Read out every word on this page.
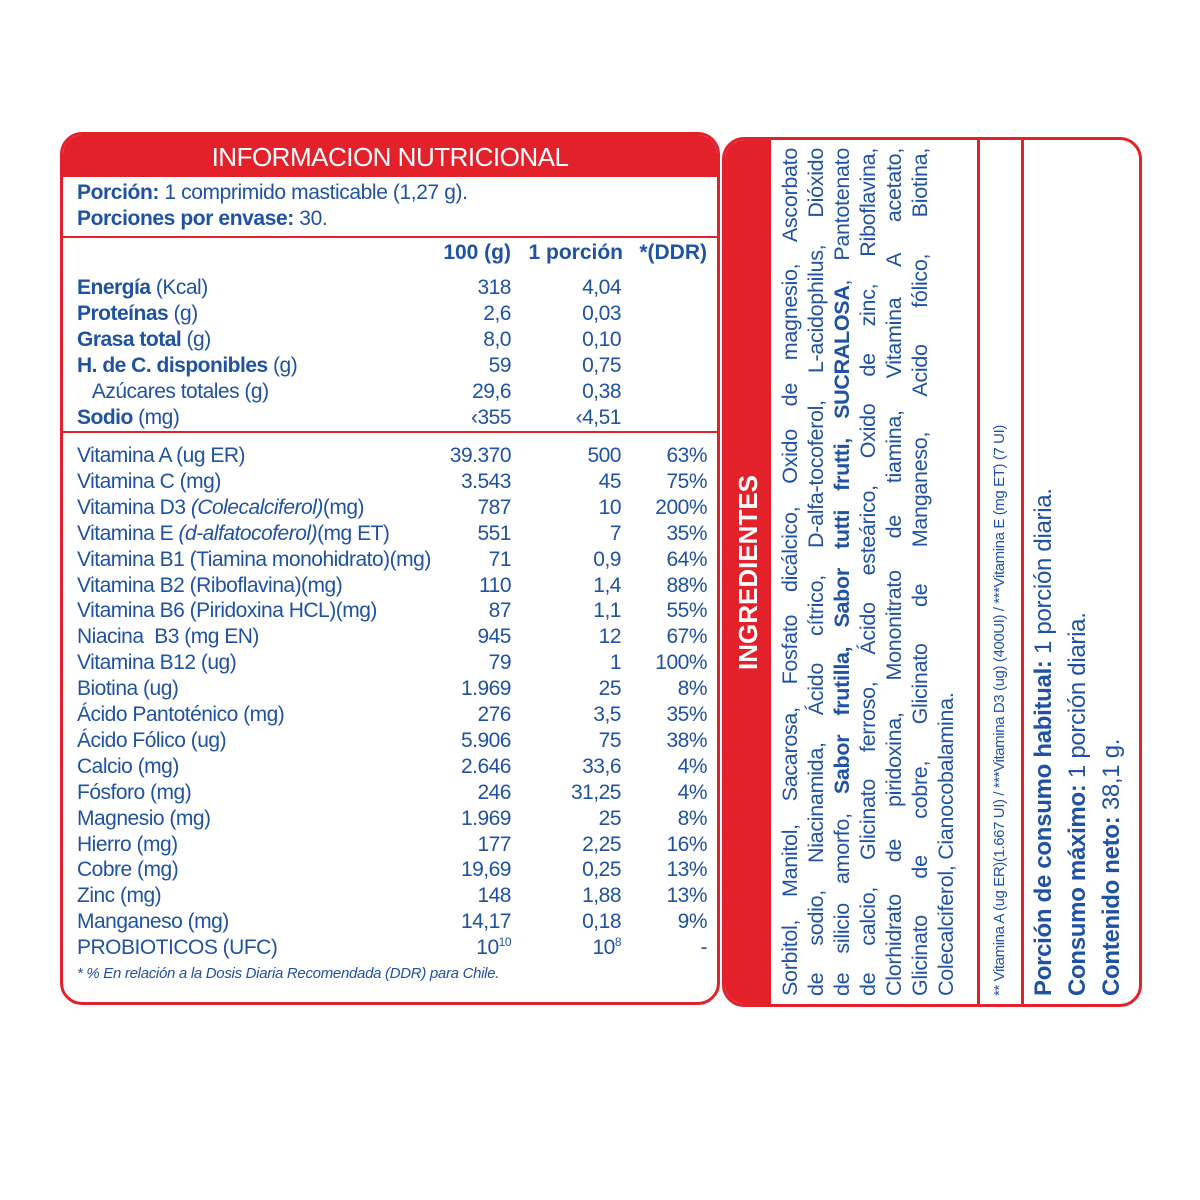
INFORMACION NUTRICIONAL
Porción: 1 comprimido masticable (1,27 g).
Porciones por envase: 30.
100 (g) 1 porción *(DDR)
Energía (Kcal)	318	4,04
Proteínas (g)	2,6	0,03
Grasa total (g)	8,0	0,10
H. de C. disponibles (g)	59	0,75
Azúcares totales (g)	29,6	0,38
Sodio (mg)	‹355	‹4,51
Vitamina A (ug ER)	39.370	500 63%
Vitamina C (mg)	3.543	45 75%
Vitamina D3 (Colecalciferol)(mg)	787	10 200%
Vitamina E (d-alfatocoferol)(mg ET)	551	7 35%
Vitamina B1 (Tiamina monohidrato)(mg)	71	0,9 64%
Vitamina B2 (Riboflavina)(mg)	110	1,4 88%
Vitamina B6 (Piridoxina HCL)(mg)	87	1,1 55%
Niacina  B3 (mg EN)	945	12 67%
Vitamina B12 (ug)	79	1 100%
Biotina (ug)	1.969	25	8%
Ácido Pantoténico (mg)	276	3,5 35%
Ácido Fólico (ug)	5.906	75 38%
Calcio (mg)	2.646	33,6	4%
Fósforo (mg)	246	31,25	4%
Magnesio (mg)	1.969	25	8%
Hierro (mg)	177	2,25 16%
Cobre (mg)	19,69	0,25 13%
Zinc (mg)	148	1,88 13%
Manganeso (mg)	14,17	0,18	9%
PROBIOTICOS (UFC)	$10^{10}$	$10^8$	-
* % En relación a la Dosis Diaria Recomendada (DDR) para Chile.
INGREDIENTES Sorbitol, Manitol, Sacarosa, Fosfato dicálcico, Oxido de magnesio, Ascorbato de sodio, Niacinamida, Ácido cítrico, D-alfa-tocoferol, L-acidophilus, Dióxido de silicio amorfo, Sabor frutilla, Sabor tutti frutti, SUCRALOSA, Pantotenato de calcio, Glicinato ferroso, Ácido esteárico, Oxido de zinc, Riboflavina, Clorhidrato de piridoxina, Mononitrato de tiamina, Vitamina A acetato, Glicinato de cobre, Glicinato de Manganeso, Acido fólico, Biotina, Colecalciferol, Cianocobalamina.	** Vitamina A (ug ER)(1.667 UI) / ***Vitamina D3 (ug) (400UI) / ***Vitamina E (mg ET) (7 UI) Porción de consumo habitual: 1 porción diaria.
Consumo máximo: 1 porción diaria.
Contenido neto: 38,1 g.
